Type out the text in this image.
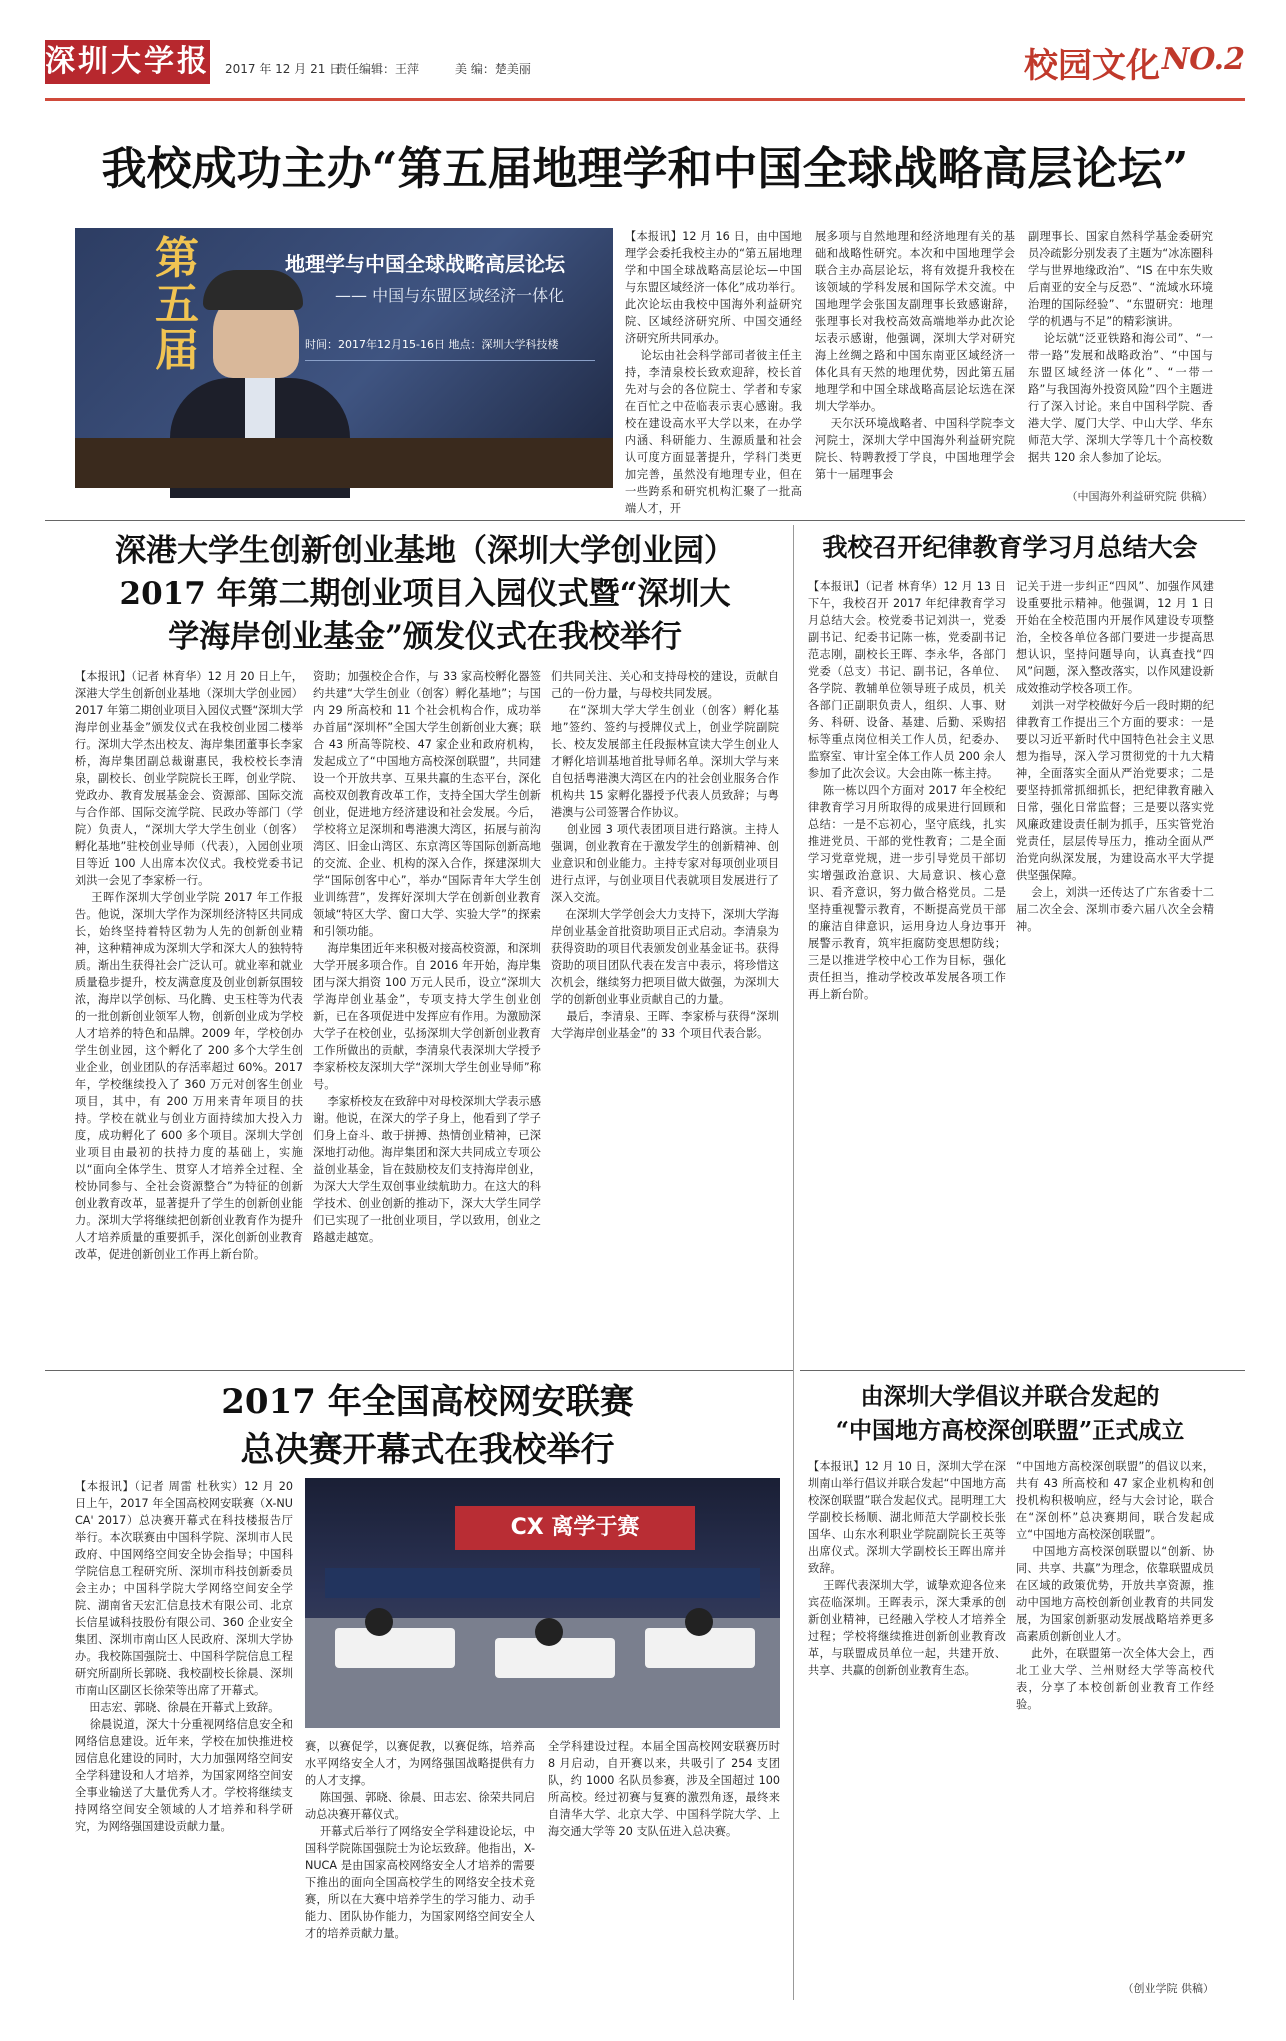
深圳大学报 2017 年 12 月 21 日
责任编辑：王萍	美 编：楚美丽	校园文化 NO.2
我校成功主办“第五届地理学和中国全球战略高层论坛”
第五届
地理学与中国全球战略高层论坛
—— 中国与东盟区域经济一体化
时间：2017年12月15-16日 地点：深圳大学科技楼
【本报讯】12 月 16 日，由中国地理学会委托我校主办的“第五届地理学和中国全球战略高层论坛—中国与东盟区域经济一体化”成功举行。此次论坛由我校中国海外利益研究院、区域经济研究所、中国交通经济研究所共同承办。
论坛由社会科学部司者彼主任主持，李清泉校长致欢迎辞，校长首先对与会的各位院士、学者和专家在百忙之中莅临表示衷心感谢。我校在建设高水平大学以来，在办学内涵、科研能力、生源质量和社会认可度方面显著提升，学科门类更加完善，虽然没有地理专业，但在一些跨系和研究机构汇聚了一批高端人才，开
展多项与自然地理和经济地理有关的基础和战略性研究。本次和中国地理学会联合主办高层论坛，将有效提升我校在该领域的学科发展和国际学术交流。中国地理学会张国友副理事长致感谢辞，张理事长对我校高效高端地举办此次论坛表示感谢，他强调，深圳大学对研究海上丝绸之路和中国东南亚区域经济一体化具有天然的地理优势，因此第五届地理学和中国全球战略高层论坛选在深圳大学举办。
天尔沃环境战略者、中国科学院李文河院士，深圳大学中国海外利益研究院院长、特聘教授丁学良，中国地理学会第十一届理事会
副理事长、国家自然科学基金委研究员冷疏影分别发表了主题为“冰冻圈科学与世界地缘政治”、“IS 在中东失败后南亚的安全与反恐”、“流域水环境治理的国际经验”、“东盟研究：地理学的机遇与不足”的精彩演讲。
论坛就“泛亚铁路和海公司”、“一带一路”发展和战略政治”、“中国与东盟区域经济一体化”、“一带一路”与我国海外投资风险”四个主题进行了深入讨论。来自中国科学院、香港大学、厦门大学、中山大学、华东师范大学、深圳大学等几十个高校数据共 120 余人参加了论坛。
（中国海外利益研究院 供稿）
深港大学生创新创业基地（深圳大学创业园）
2017 年第二期创业项目入园仪式暨“深圳大
学海岸创业基金”颁发仪式在我校举行
【本报讯】（记者 林育华）12 月 20 日上午，深港大学生创新创业基地（深圳大学创业园）2017 年第二期创业项目入园仪式暨“深圳大学海岸创业基金”颁发仪式在我校创业园二楼举行。深圳大学杰出校友、海岸集团董事长李家桥，海岸集团副总裁谢惠民，我校校长李清泉，副校长、创业学院院长王晖，创业学院、党政办、教育发展基金会、资源部、国际交流与合作部、国际交流学院、民政办等部门（学院）负责人，“深圳大学大学生创业（创客）孵化基地”驻校创业导师（代表），入园创业项目等近 100 人出席本次仪式。我校党委书记刘洪一会见了李家桥一行。
王晖作深圳大学创业学院 2017 年工作报告。他说，深圳大学作为深圳经济特区共同成长，始终坚持着特区勃为人先的创新创业精神，这种精神成为深圳大学和深大人的独特特质。渐出生获得社会广泛认可。就业率和就业质量稳步提升，校友满意度及创业创新氛围较浓，海岸以学创标、马化腾、史玉柱等为代表的一批创新创业领军人物，创新创业成为学校人才培养的特色和品牌。2009 年，学校创办学生创业园，这个孵化了 200 多个大学生创业企业，创业团队的存活率超过 60%。2017 年，学校继续投入了 360 万元对创客生创业项目，其中，有 200 万用来青年项目的扶持。学校在就业与创业方面持续加大投入力度，成功孵化了 600 多个项目。深圳大学创业项目由最初的扶持力度的基础上，实施以“面向全体学生、贯穿人才培养全过程、全校协同参与、全社会资源整合”为特征的创新创业教育改革，显著提升了学生的创新创业能力。深圳大学将继续把创新创业教育作为提升人才培养质量的重要抓手，深化创新创业教育改革，促进创新创业工作再上新台阶。
资助；加强校企合作，与 33 家高校孵化器签约共建“大学生创业（创客）孵化基地”；与国内 29 所高校和 11 个社会机构合作，成功举办首届“深圳杯”全国大学生创新创业大赛；联合 43 所高等院校、47 家企业和政府机构，发起成立了“中国地方高校深创联盟”，共同建设一个开放共享、互果共赢的生态平台，深化高校双创教育改革工作，支持全国大学生创新创业，促进地方经济建设和社会发展。今后，学校将立足深圳和粤港澳大湾区，拓展与前沟湾区、旧金山湾区、东京湾区等国际创新高地的交流、企业、机构的深入合作，探建深圳大学“国际创客中心”，举办“国际青年大学生创业训练营”，发挥好深圳大学在创新创业教育领域“特区大学、窗口大学、实验大学”的探索和引领功能。
海岸集团近年来积极对接高校资源，和深圳大学开展多项合作。自 2016 年开始，海岸集团与深大捐资 100 万元人民币，设立“深圳大学海岸创业基金”，专项支持大学生创业创新，已在各项促进中发挥应有作用。为激励深大学子在校创业，弘扬深圳大学创新创业教育工作所做出的贡献，李清泉代表深圳大学授予李家桥校友深圳大学“深圳大学生创业导师”称号。
李家桥校友在致辞中对母校深圳大学表示感谢。他说，在深大的学子身上，他看到了学子们身上奋斗、敢于拼搏、热情创业精神，已深深地打动他。海岸集团和深大共同成立专项公益创业基金，旨在鼓励校友们支持海岸创业，为深大大学生双创事业续航助力。在这大的科学技术、创业创新的推动下，深大大学生同学们已实现了一批创业项目，学以致用，创业之路越走越宽。
们共同关注、关心和支持母校的建设，贡献自己的一份力量，与母校共同发展。
在“深圳大学大学生创业（创客）孵化基地”签约、签约与授牌仪式上，创业学院副院长、校友发展部主任段振林宣读大学生创业人才孵化培训基地首批导师名单。深圳大学与来自包括粤港澳大湾区在内的社会创业服务合作机构共 15 家孵化器授予代表人员致辞；与粤港澳与公司签署合作协议。
创业园 3 项代表团项目进行路演。主持人强调，创业教育在于激发学生的创新精神、创业意识和创业能力。主持专家对每项创业项目进行点评，与创业项目代表就项目发展进行了深入交流。
在深圳大学学创会大力支持下，深圳大学海岸创业基金首批资助项目正式启动。李清泉为获得资助的项目代表颁发创业基金证书。获得资助的项目团队代表在发言中表示，将珍惜这次机会，继续努力把项目做大做强，为深圳大学的创新创业事业贡献自己的力量。
最后，李清泉、王晖、李家桥与获得“深圳大学海岸创业基金”的 33 个项目代表合影。
我校召开纪律教育学习月总结大会
【本报讯】（记者 林育华）12 月 13 日下午，我校召开 2017 年纪律教育学习月总结大会。校党委书记刘洪一，党委副书记、纪委书记陈一栋，党委副书记范志刚，副校长王晖、李永华，各部门党委（总支）书记、副书记，各单位、各学院、教辅单位领导班子成员，机关各部门正副职负责人，组织、人事、财务、科研、设备、基建、后勤、采购招标等重点岗位相关工作人员，纪委办、监察室、审计室全体工作人员 200 余人参加了此次会议。大会由陈一栋主持。
陈一栋以四个方面对 2017 年全校纪律教育学习月所取得的成果进行回顾和总结：一是不忘初心，坚守底线，扎实推进党员、干部的党性教育；二是全面学习党章党规，进一步引导党员干部切实增强政治意识、大局意识、核心意识、看齐意识，努力做合格党员。二是坚持重视警示教育，不断提高党员干部的廉洁自律意识，运用身边人身边事开展警示教育，筑牢拒腐防变思想防线；三是以推进学校中心工作为目标，强化责任担当，推动学校改革发展各项工作再上新台阶。
记关于进一步纠正“四风”、加强作风建设重要批示精神。他强调，12 月 1 日开始在全校范围内开展作风建设专项整治，全校各单位各部门要进一步提高思想认识，坚持问题导向，认真查找“四风”问题，深入整改落实，以作风建设新成效推动学校各项工作。
刘洪一对学校做好今后一段时期的纪律教育工作提出三个方面的要求：一是要以习近平新时代中国特色社会主义思想为指导，深入学习贯彻党的十九大精神，全面落实全面从严治党要求；二是要坚持抓常抓细抓长，把纪律教育融入日常，强化日常监督；三是要以落实党风廉政建设责任制为抓手，压实管党治党责任，层层传导压力，推动全面从严治党向纵深发展，为建设高水平大学提供坚强保障。
会上，刘洪一还传达了广东省委十二届二次全会、深圳市委六届八次全会精神。
2017 年全国高校网安联赛
总决赛开幕式在我校举行
【本报讯】（记者 周雷 杜秋实）12 月 20 日上午，2017 年全国高校网安联赛（X-NUCA' 2017）总决赛开幕式在科技楼报告厅举行。本次联赛由中国科学院、深圳市人民政府、中国网络空间安全协会指导；中国科学院信息工程研究所、深圳市科技创新委员会主办；中国科学院大学网络空间安全学院、湖南省天宏汇信息技术有限公司、北京长信星诚科技股份有限公司、360 企业安全集团、深圳市南山区人民政府、深圳大学协办。我校陈国强院士、中国科学院信息工程研究所副所长郭晓、我校副校长徐晨、深圳市南山区副区长徐荣等出席了开幕式。
田志宏、郭晓、徐晨在开幕式上致辞。
徐晨说道，深大十分重视网络信息安全和网络信息建设。近年来，学校在加快推进校园信息化建设的同时，大力加强网络空间安全学科建设和人才培养，为国家网络空间安全事业输送了大量优秀人才。学校将继续支持网络空间安全领域的人才培养和科学研究，为网络强国建设贡献力量。
CX 离学于赛
赛，以赛促学，以赛促教，以赛促练，培养高水平网络安全人才，为网络强国战略提供有力的人才支撑。
陈国强、郭晓、徐晨、田志宏、徐荣共同启动总决赛开幕仪式。
开幕式后举行了网络安全学科建设论坛，中国科学院陈国强院士为论坛致辞。他指出，X-NUCA 是由国家高校网络安全人才培养的需要下推出的面向全国高校学生的网络安全技术竞赛，所以在大赛中培养学生的学习能力、动手能力、团队协作能力，为国家网络空间安全人才的培养贡献力量。
全学科建设过程。本届全国高校网安联赛历时 8 月启动，自开赛以来，共吸引了 254 支团队，约 1000 名队员参赛，涉及全国超过 100 所高校。经过初赛与复赛的激烈角逐，最终来自清华大学、北京大学、中国科学院大学、上海交通大学等 20 支队伍进入总决赛。
由深圳大学倡议并联合发起的
“中国地方高校深创联盟”正式成立
【本报讯】12 月 10 日，深圳大学在深圳南山举行倡议并联合发起“中国地方高校深创联盟”联合发起仪式。昆明理工大学副校长杨顺、湖北师范大学副校长张国华、山东水利职业学院副院长王英等出席仪式。深圳大学副校长王晖出席并致辞。
王晖代表深圳大学，诚挚欢迎各位来宾莅临深圳。王晖表示，深大秉承的创新创业精神，已经融入学校人才培养全过程；学校将继续推进创新创业教育改革，与联盟成员单位一起，共建开放、共享、共赢的创新创业教育生态。
“中国地方高校深创联盟”的倡议以来，共有 43 所高校和 47 家企业机构和创投机构积极响应，经与大会讨论，联合在“深创杯”总决赛期间，联合发起成立“中国地方高校深创联盟”。
中国地方高校深创联盟以“创新、协同、共享、共赢”为理念，依靠联盟成员在区域的政策优势，开放共享资源，推动中国地方高校创新创业教育的共同发展，为国家创新驱动发展战略培养更多高素质创新创业人才。
此外，在联盟第一次全体大会上，西北工业大学、兰州财经大学等高校代表，分享了本校创新创业教育工作经验。
（创业学院 供稿）
